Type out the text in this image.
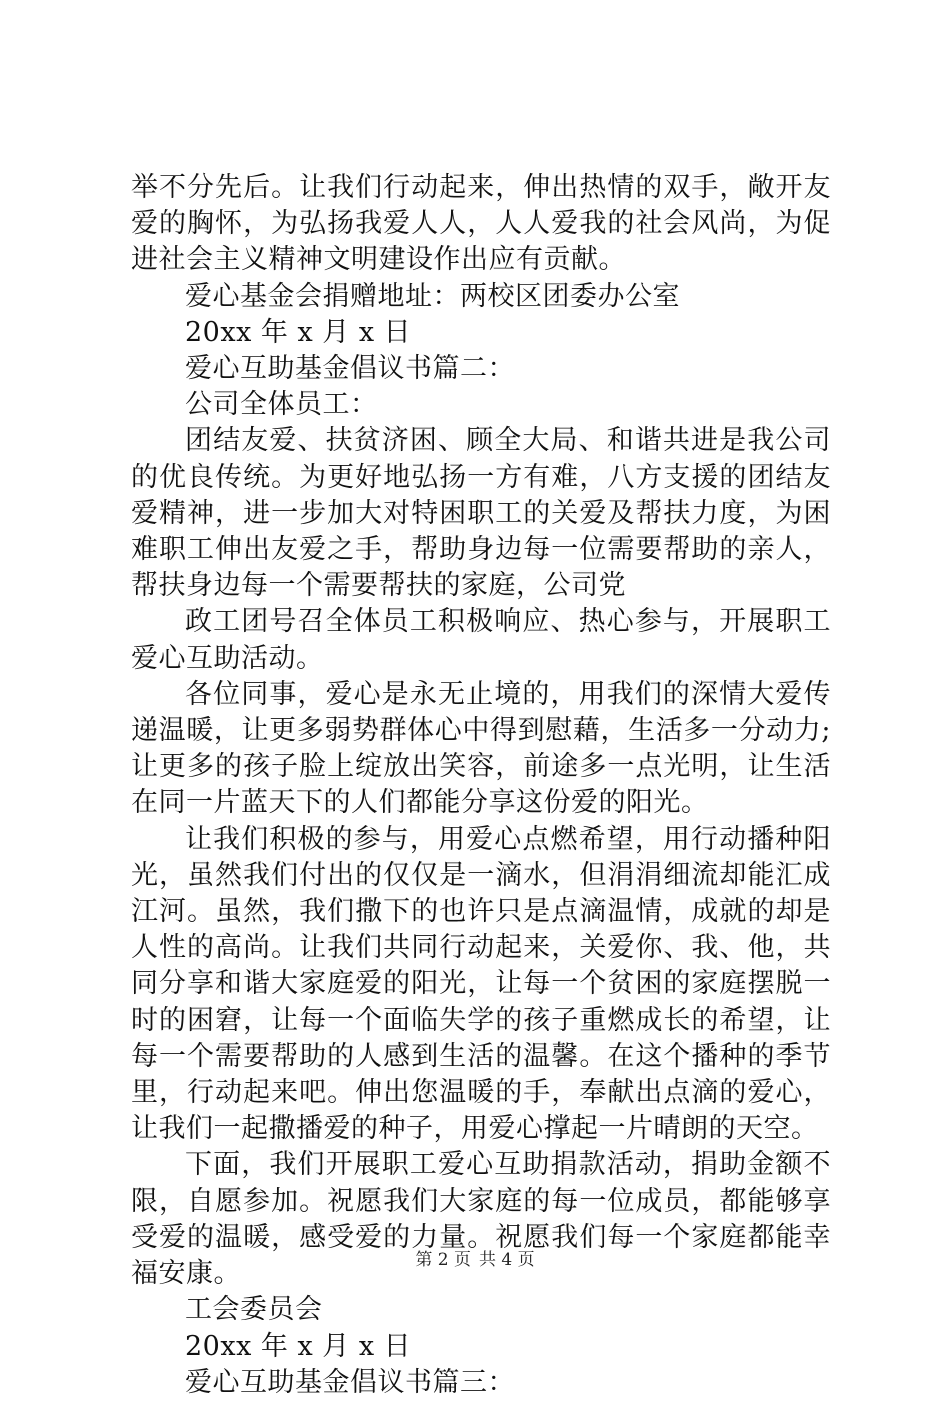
举不分先后。让我们行动起来，伸出热情的双手，敞开友爱的胸怀，为弘扬我爱人人，人人爱我的社会风尚，为促进社会主义精神文明建设作出应有贡献。

爱心基金会捐赠地址：两校区团委办公室

20xx 年 x 月 x 日

爱心互助基金倡议书篇二：

公司全体员工：

团结友爱、扶贫济困、顾全大局、和谐共进是我公司的优良传统。为更好地弘扬一方有难，八方支援的团结友爱精神，进一步加大对特困职工的关爱及帮扶力度，为困难职工伸出友爱之手，帮助身边每一位需要帮助的亲人，帮扶身边每一个需要帮扶的家庭，公司党

政工团号召全体员工积极响应、热心参与，开展职工爱心互助活动。

各位同事，爱心是永无止境的，用我们的深情大爱传递温暖，让更多弱势群体心中得到慰藉，生活多一分动力;让更多的孩子脸上绽放出笑容，前途多一点光明，让生活在同一片蓝天下的人们都能分享这份爱的阳光。

让我们积极的参与，用爱心点燃希望，用行动播种阳光，虽然我们付出的仅仅是一滴水，但涓涓细流却能汇成江河。虽然，我们撒下的也许只是点滴温情，成就的却是人性的高尚。让我们共同行动起来，关爱你、我、他，共同分享和谐大家庭爱的阳光，让每一个贫困的家庭摆脱一时的困窘，让每一个面临失学的孩子重燃成长的希望，让每一个需要帮助的人感到生活的温馨。在这个播种的季节里，行动起来吧。伸出您温暖的手，奉献出点滴的爱心，让我们一起撒播爱的种子，用爱心撑起一片晴朗的天空。

下面，我们开展职工爱心互助捐款活动，捐助金额不限，自愿参加。祝愿我们大家庭的每一位成员，都能够享受爱的温暖，感受爱的力量。祝愿我们每一个家庭都能幸福安康。

工会委员会

20xx 年 x 月 x 日

爱心互助基金倡议书篇三：

第 2 页 共 4 页
